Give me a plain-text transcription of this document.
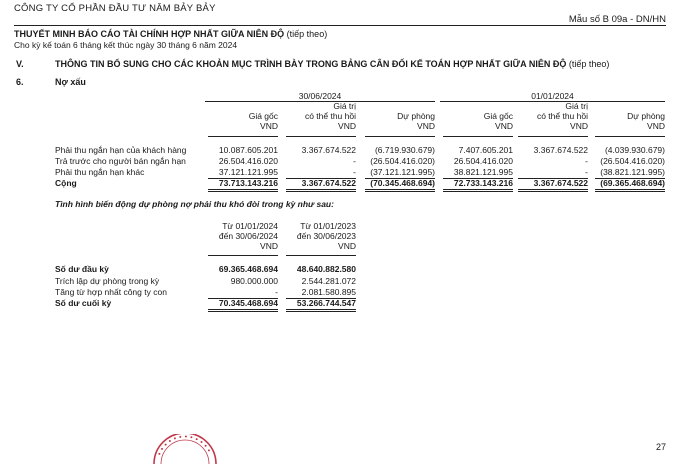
CÔNG TY CỔ PHẦN ĐẦU TƯ NĂM BẢY BẢY
Mẫu số B 09a - DN/HN
THUYẾT MINH BÁO CÁO TÀI CHÍNH HỢP NHẤT GIỮA NIÊN ĐỘ (tiếp theo)
Cho kỳ kế toán 6 tháng kết thúc ngày 30 tháng 6 năm 2024
V.	THÔNG TIN BỔ SUNG CHO CÁC KHOẢN MỤC TRÌNH BÀY TRONG BẢNG CÂN ĐỐI KẾ TOÁN HỢP NHẤT GIỮA NIÊN ĐỘ (tiếp theo)
6.	Nợ xấu
30/06/2024	01/01/2024
Giá gốc
VND
Giá trị
có thể thu hồi
VND
Dự phòng
VND
Giá gốc
VND
Giá trị
có thể thu hồi
VND
Dự phòng
VND
Phải thu ngắn hạn của khách hàng	10.087.605.201	3.367.674.522 (6.719.930.679)	7.407.605.201 3.367.674.522 (4.039.930.679)
Trả trước cho người bán ngắn hạn	26.504.416.020	- (26.504.416.020) 26.504.416.020	- (26.504.416.020)
Phải thu ngắn hạn khác	37.121.121.995	- (37.121.121.995) 38.821.121.995	- (38.821.121.995)
Cộng	73.713.143.216	3.367.674.522 (70.345.468.694) 72.733.143.216 3.367.674.522 (69.365.468.694)
Tình hình biến động dự phòng nợ phải thu khó đòi trong kỳ như sau:
Từ 01/01/2024
đến 30/06/2024
VND
Từ 01/01/2023
đến 30/06/2023
VND
Số dư đầu kỳ	69.365.468.694 48.640.882.580
Trích lập dự phòng trong kỳ	980.000.000	2.544.281.072
Tăng từ hợp nhất công ty con	-	2.081.580.895
Số dư cuối kỳ	70.345.468.694 53.266.744.547
27
